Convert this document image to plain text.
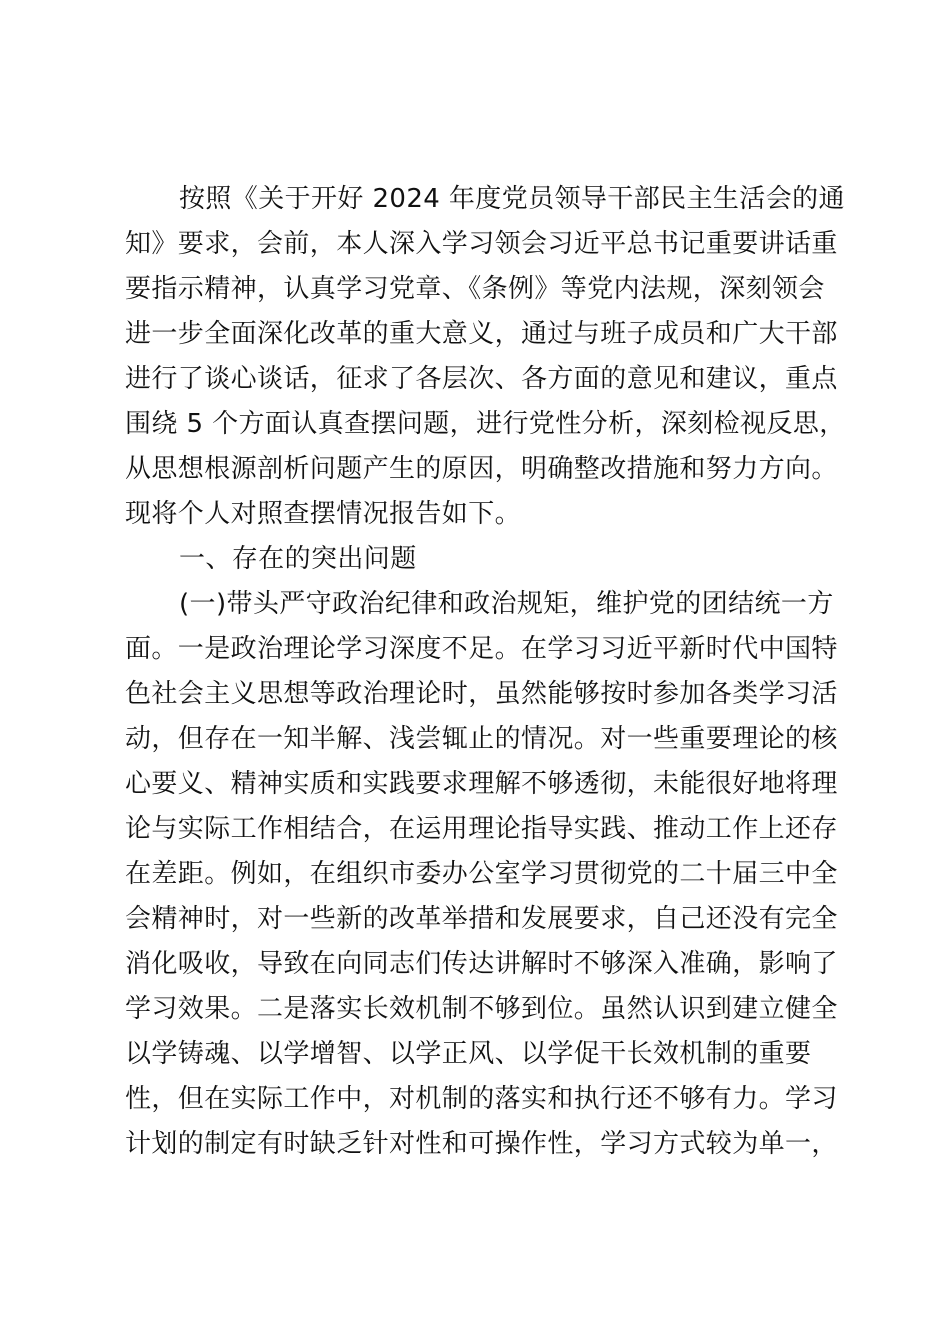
按照《关于开好 2024 年度党员领导干部民主生活会的通
知》要求，会前，本人深入学习领会习近平总书记重要讲话重
要指示精神，认真学习党章、《条例》等党内法规，深刻领会
进一步全面深化改革的重大意义，通过与班子成员和广大干部
进行了谈心谈话，征求了各层次、各方面的意见和建议，重点
围绕 5 个方面认真查摆问题，进行党性分析，深刻检视反思，
从思想根源剖析问题产生的原因，明确整改措施和努力方向。
现将个人对照查摆情况报告如下。
一、存在的突出问题
(一)带头严守政治纪律和政治规矩，维护党的团结统一方
面。一是政治理论学习深度不足。在学习习近平新时代中国特
色社会主义思想等政治理论时，虽然能够按时参加各类学习活
动，但存在一知半解、浅尝辄止的情况。对一些重要理论的核
心要义、精神实质和实践要求理解不够透彻，未能很好地将理
论与实际工作相结合，在运用理论指导实践、推动工作上还存
在差距。例如，在组织市委办公室学习贯彻党的二十届三中全
会精神时，对一些新的改革举措和发展要求，自己还没有完全
消化吸收，导致在向同志们传达讲解时不够深入准确，影响了
学习效果。二是落实长效机制不够到位。虽然认识到建立健全
以学铸魂、以学增智、以学正风、以学促干长效机制的重要
性，但在实际工作中，对机制的落实和执行还不够有力。学习
计划的制定有时缺乏针对性和可操作性，学习方式较为单一，
